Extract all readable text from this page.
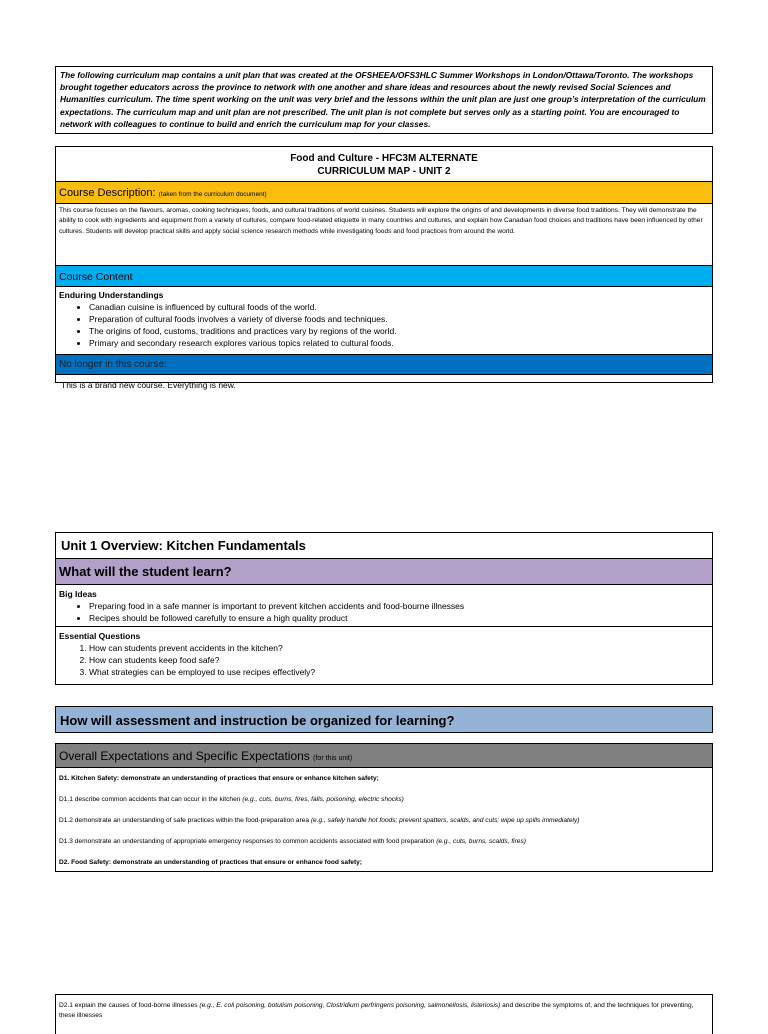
The following curriculum map contains a unit plan that was created at the OFSHEEA/OFS3HLC Summer Workshops in London/Ottawa/Toronto. The workshops brought together educators across the province to network with one another and share ideas and resources about the newly revised Social Sciences and Humanities curriculum. The time spent working on the unit was very brief and the lessons within the unit plan are just one group’s interpretation of the curriculum expectations. The curriculum map and unit plan are not prescribed. The unit plan is not complete but serves only as a starting point. You are encouraged to network with colleagues to continue to build and enrich the curriculum map for your classes.
Food and Culture - HFC3M ALTERNATE
CURRICULUM MAP - UNIT 2
Course Description: (taken from the curriculum document)
This course focuses on the flavours, aromas, cooking techniques, foods, and cultural traditions of world cuisines. Students will explore the origins of and developments in diverse food traditions. They will demonstrate the ability to cook with ingredients and equipment from a variety of cultures, compare food-related etiquette in many countries and cultures, and explain how Canadian food choices and traditions have been influenced by other cultures. Students will develop practical skills and apply social science research methods while investigating foods and food practices from around the world.
Course Content
Enduring Understandings
• Canadian cuisine is influenced by cultural foods of the world.
• Preparation of cultural foods involves a variety of diverse foods and techniques.
• The origins of food, customs, traditions and practices vary by regions of the world.
• Primary and secondary research explores various topics related to cultural foods.
No longer in this course:
This is a brand new course. Everything is new.
Unit 1 Overview: Kitchen Fundamentals
What will the student learn?
Big Ideas
• Preparing food in a safe manner is important to prevent kitchen accidents and food-bourne illnesses
• Recipes should be followed carefully to ensure a high quality product
Essential Questions
1. How can students prevent accidents in the kitchen?
2. How can students keep food safe?
3. What strategies can be employed to use recipes effectively?
How will assessment and instruction be organized for learning?
Overall Expectations and Specific Expectations (for this unit)
D1. Kitchen Safety: demonstrate an understanding of practices that ensure or enhance kitchen safety;
D1.1 describe common accidents that can occur in the kitchen
(e.g., cuts, burns, fires, falls, poisoning, electric shocks)
D1.2 demonstrate an understanding of safe practices within the food-preparation area
(e.g., safely handle hot foods; prevent spatters, scalds, and cuts; wipe up spills immediately)
D1.3 demonstrate an understanding of appropriate emergency responses to common accidents associated with food preparation
(e.g., cuts, burns, scalds, fires)
D2. Food Safety: demonstrate an understanding of practices that ensure or enhance food safety;
D2.1 explain the causes of food-borne illnesses (e.g., E. coli poisoning, botulism poisoning, Clostridium perfringens poisoning, salmonellosis, listeriosis) and describe the symptoms of, and the techniques for preventing, these illnesses
